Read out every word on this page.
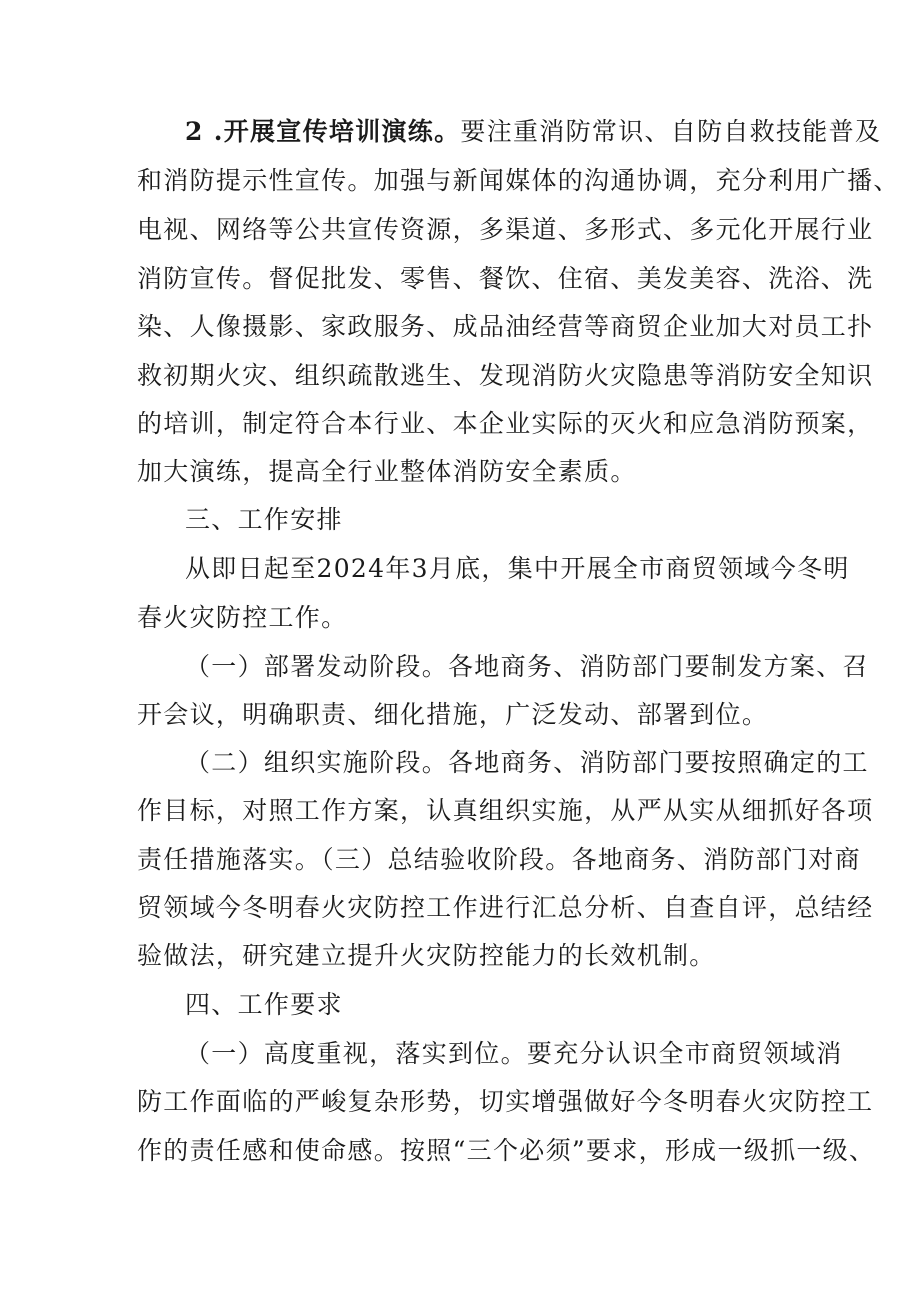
2 .开展宣传培训演练。要注重消防常识、自防自救技能普及
和消防提示性宣传。加强与新闻媒体的沟通协调，充分利用广播、
电视、网络等公共宣传资源，多渠道、多形式、多元化开展行业
消防宣传。督促批发、零售、餐饮、住宿、美发美容、洗浴、洗
染、人像摄影、家政服务、成品油经营等商贸企业加大对员工扑
救初期火灾、组织疏散逃生、发现消防火灾隐患等消防安全知识
的培训，制定符合本行业、本企业实际的灭火和应急消防预案，
加大演练，提高全行业整体消防安全素质。
三、工作安排
从即日起至2024年3月底，集中开展全市商贸领域今冬明
春火灾防控工作。
（一）部署发动阶段。各地商务、消防部门要制发方案、召
开会议，明确职责、细化措施，广泛发动、部署到位。
（二）组织实施阶段。各地商务、消防部门要按照确定的工
作目标，对照工作方案，认真组织实施，从严从实从细抓好各项
责任措施落实。（三）总结验收阶段。各地商务、消防部门对商
贸领域今冬明春火灾防控工作进行汇总分析、自查自评，总结经
验做法，研究建立提升火灾防控能力的长效机制。
四、工作要求
（一）高度重视，落实到位。要充分认识全市商贸领域消
防工作面临的严峻复杂形势，切实增强做好今冬明春火灾防控工
作的责任感和使命感。按照“三个必须”要求，形成一级抓一级、
